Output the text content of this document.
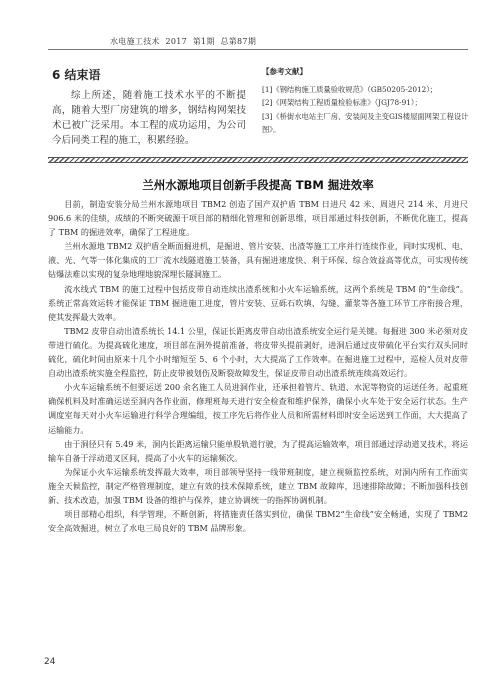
水电施工技术 2017 第1期 总第87期
6 结束语
综上所述，随着施工技术水平的不断提高，随着大型厂房建筑的增多，钢结构网架技术已被广泛采用。本工程的成功运用，为公司今后同类工程的施工，积累经验。
【参考文献】

[1]《钢结构施工质量验收规范》（GB50205-2012）；

[2]《网架结构工程质量检验标准》（JGJ78-91）；

[3]《桥街水电站主厂房、安装间及主变GIS楼屋面网架工程设计图》。

兰州水源地项目创新手段提高 TBM 掘进效率

目前，制造安装分局兰州水源地项目 TBM2 创造了国产双护盾 TBM 日进尺 42 米、周进尺 214 米、月进尺 906.6 米的佳绩，成绩的不断突破源于项目部的精细化管理和创新思维，项目部通过科技创新，不断优化施工，提高了 TBM 的掘进效率，确保了工程进度。

兰州水源地 TBM2 双护盾全断面掘进机，是掘进、管片安装、出渣等施工工序并行连续作业，同时实现机、电、液、光、气等一体化集成的工厂流水线隧道施工装备，具有掘进速度快、利于环保、综合效益高等优点，可实现传统钻爆法难以实现的复杂地理地貌深埋长隧洞施工。

流水线式 TBM 的施工过程中包括皮带自动连续出渣系统和小火车运输系统，这两个系统是 TBM 的“生命线”。系统正常高效运转才能保证 TBM 掘进施工进度，管片安装、豆砾石吹填、勾缝、灌浆等各施工环节工序衔接合理，使其发挥最大效率。

TBM2 皮带自动出渣系统长 14.1 公里，保证长距离皮带自动出渣系统安全运行是关键。每掘进 300 米必须对皮带进行硫化。为提高硫化速度，项目部在洞外提前准备，将皮带头提前剥好，进洞后通过皮带硫化平台实行双头同时硫化，硫化时间由原来十几个小时缩短至 5、6 个小时，大大提高了工作效率。在掘进施工过程中，巡检人员对皮带自动出渣系统实施全程监控，防止皮带被划伤及断裂故障发生，保证皮带自动出渣系统连续高效运行。

小火车运输系统不但要运送 200 余名施工人员进洞作业，还承担着管片、轨道、水泥等物资的运送任务。起重班确保机料及时准确运送至洞内各作业面，修理班每天进行安全检查和维护保养，确保小火车处于安全运行状态。生产调度室每天对小火车运输进行科学合理编组，按工序先后将作业人员和所需材料即时安全运送到工作面，大大提高了运输能力。

由于洞径只有 5.49 米，洞内长距离运输只能单股轨道行驶，为了提高运输效率，项目部通过浮动道叉技术，将运输车自备于浮动道叉区间，提高了小火车的运输频次。

为保证小火车运输系统发挥最大效率，项目部领导坚持一线带班制度，建立视频监控系统，对洞内所有工作面实施全天候监控，制定严格管理制度，建立有效的技术保障系统，建立 TBM 故障库，迅速排除故障；不断加强科技创新、技术改造，加强 TBM 设备的维护与保养，建立协调统一的指挥协调机制。

项目部精心组织，科学管理，不断创新，将措施责任落实到位，确保 TBM2“生命线”安全畅通，实现了 TBM2 安全高效掘进，树立了水电三局良好的 TBM 品牌形象。

24
